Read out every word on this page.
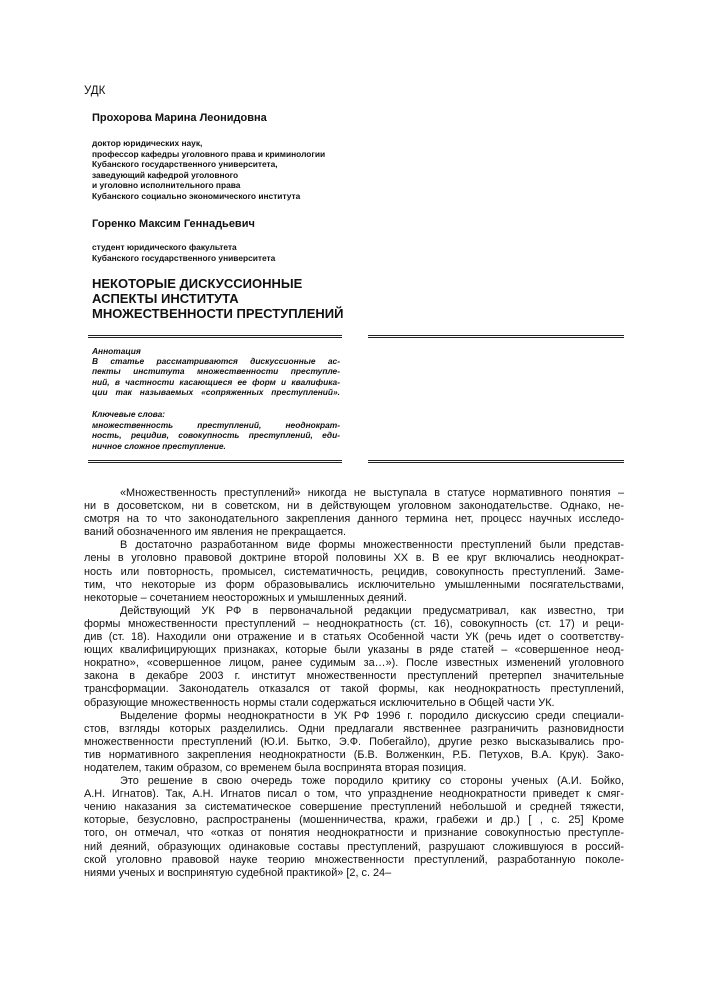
УДК
Прохорова Марина Леонидовна
доктор юридических наук,
профессор кафедры уголовного права и криминологии
Кубанского государственного университета,
заведующий кафедрой уголовного
и уголовно исполнительного права
Кубанского социально экономического института
Горенко Максим Геннадьевич
студент юридического факультета
Кубанского государственного университета
НЕКОТОРЫЕ ДИСКУССИОННЫЕ
АСПЕКТЫ ИНСТИТУТА
МНОЖЕСТВЕННОСТИ ПРЕСТУПЛЕНИЙ
Аннотация
В статье рассматриваются дискуссионные ас-
пекты института множественности преступле-
ний, в частности касающиеся ее форм и квалифика-
ции так называемых «сопряженных преступлений».
Ключевые слова:
множественность преступлений, неоднократ-
ность, рецидив, совокупность преступлений, еди-
ничное сложное преступление.
«Множественность преступлений» никогда не выступала в статусе нормативного понятия –
ни в досоветском, ни в советском, ни в действующем уголовном законодательстве. Однако, не-
смотря на то что законодательного закрепления данного термина нет, процесс научных исследо-
ваний обозначенного им явления не прекращается.
В достаточно разработанном виде формы множественности преступлений были представ-
лены в уголовно правовой доктрине второй половины XX в. В ее круг включались неоднократ-
ность или повторность, промысел, систематичность, рецидив, совокупность преступлений. Заме-
тим, что некоторые из форм образовывались исключительно умышленными посягательствами,
некоторые – сочетанием неосторожных и умышленных деяний.
Действующий УК РФ в первоначальной редакции предусматривал, как известно, три
формы множественности преступлений – неоднократность (ст. 16), совокупность (ст. 17) и реци-
див (ст. 18). Находили они отражение и в статьях Особенной части УК (речь идет о соответству-
ющих квалифицирующих признаках, которые были указаны в ряде статей – «совершенное неод-
нократно», «совершенное лицом, ранее судимым за…»). После известных изменений уголовного
закона в декабре 2003 г. институт множественности преступлений претерпел значительные
трансформации. Законодатель отказался от такой формы, как неоднократность преступлений,
образующие множественность нормы стали содержаться исключительно в Общей части УК.
Выделение формы неоднократности в УК РФ 1996 г. породило дискуссию среди специали-
стов, взгляды которых разделились. Одни предлагали явственнее разграничить разновидности
множественности преступлений (Ю.И. Бытко, Э.Ф. Побегайло), другие резко высказывались про-
тив нормативного закрепления неоднократности (Б.В. Волженкин, Р.Б. Петухов, В.А. Крук). Зако-
нодателем, таким образом, со временем была воспринята вторая позиция.
Это решение в свою очередь тоже породило критику со стороны ученых (А.И. Бойко,
А.Н. Игнатов). Так, А.Н. Игнатов писал о том, что упразднение неоднократности приведет к смяг-
чению наказания за систематическое совершение преступлений небольшой и средней тяжести,
которые, безусловно, распространены (мошенничества, кражи, грабежи и др.) [ , с. 25] Кроме
того, он отмечал, что «отказ от понятия неоднократности и признание совокупностью преступле-
ний деяний, образующих одинаковые составы преступлений, разрушают сложившуюся в россий-
ской уголовно правовой науке теорию множественности преступлений, разработанную поколе-
ниями ученых и воспринятую судебной практикой» [2, с. 24–
